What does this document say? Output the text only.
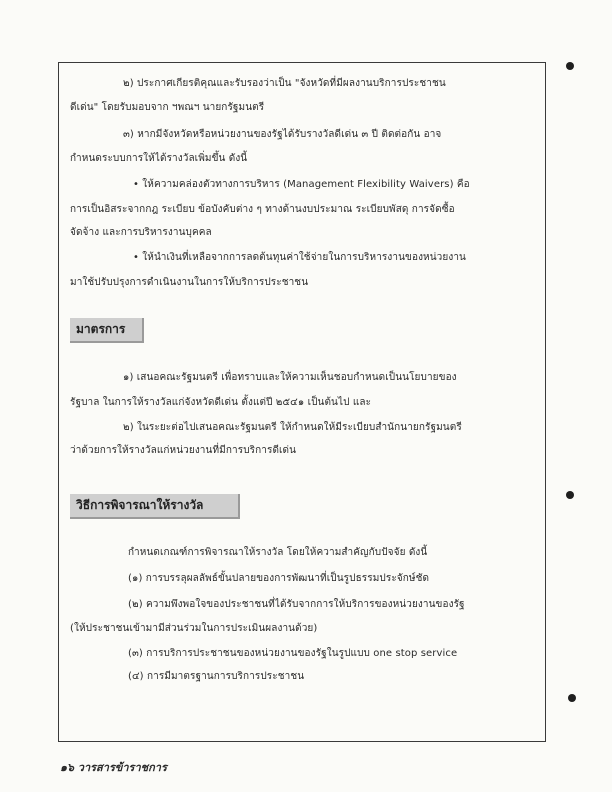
๒) ประกาศเกียรติคุณและรับรองว่าเป็น "จังหวัดที่มีผลงานบริการประชาชน
ดีเด่น" โดยรับมอบจาก ฯพณฯ นายกรัฐมนตรี
๓) หากมีจังหวัดหรือหน่วยงานของรัฐได้รับรางวัลดีเด่น ๓ ปี ติดต่อกัน อาจ
กำหนดระบบการให้ได้รางวัลเพิ่มขึ้น ดังนี้
• ให้ความคล่องตัวทางการบริหาร (Management Flexibility Waivers) คือ
การเป็นอิสระจากกฎ ระเบียบ ข้อบังคับต่าง ๆ ทางด้านงบประมาณ ระเบียบพัสดุ การจัดซื้อ
จัดจ้าง และการบริหารงานบุคคล
• ให้นำเงินที่เหลือจากการลดต้นทุนค่าใช้จ่ายในการบริหารงานของหน่วยงาน
มาใช้ปรับปรุงการดำเนินงานในการให้บริการประชาชน
มาตรการ
๑) เสนอคณะรัฐมนตรี เพื่อทราบและให้ความเห็นชอบกำหนดเป็นนโยบายของ
รัฐบาล ในการให้รางวัลแก่จังหวัดดีเด่น ตั้งแต่ปี ๒๕๔๑ เป็นต้นไป และ
๒) ในระยะต่อไปเสนอคณะรัฐมนตรี ให้กำหนดให้มีระเบียบสำนักนายกรัฐมนตรี
ว่าด้วยการให้รางวัลแก่หน่วยงานที่มีการบริการดีเด่น
วิธีการพิจารณาให้รางวัล
กำหนดเกณฑ์การพิจารณาให้รางวัล โดยให้ความสำคัญกับปัจจัย ดังนี้
(๑) การบรรลุผลลัพธ์ขั้นปลายของการพัฒนาที่เป็นรูปธรรมประจักษ์ชัด
(๒) ความพึงพอใจของประชาชนที่ได้รับจากการให้บริการของหน่วยงานของรัฐ
(ให้ประชาชนเข้ามามีส่วนร่วมในการประเมินผลงานด้วย)
(๓) การบริการประชาชนของหน่วยงานของรัฐในรูปแบบ one stop service
(๔) การมีมาตรฐานการบริการประชาชน
๑๖ วารสารข้าราชการ
